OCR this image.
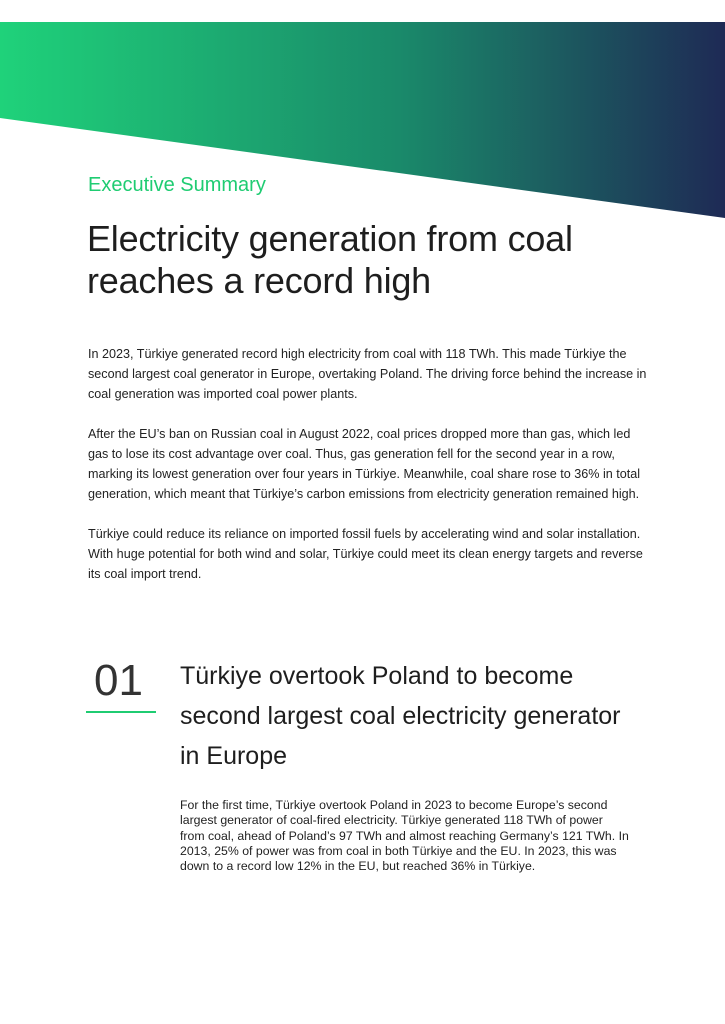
Executive Summary
Electricity generation from coal
reaches a record high

In 2023, Türkiye generated record high electricity from coal with 118 TWh. This made Türkiye the second largest coal generator in Europe, overtaking Poland. The driving force behind the increase in coal generation was imported coal power plants.

After the EU’s ban on Russian coal in August 2022, coal prices dropped more than gas, which led gas to lose its cost advantage over coal. Thus, gas generation fell for the second year in a row, marking its lowest generation over four years in Türkiye. Meanwhile, coal share rose to 36% in total generation, which meant that Türkiye’s carbon emissions from electricity generation remained high.

Türkiye could reduce its reliance on imported fossil fuels by accelerating wind and solar installation. With huge potential for both wind and solar, Türkiye could meet its clean energy targets and reverse its coal import trend.

01 Türkiye overtook Poland to become second largest coal electricity generator in Europe

For the first time, Türkiye overtook Poland in 2023 to become Europe’s second largest generator of coal-fired electricity. Türkiye generated 118 TWh of power from coal, ahead of Poland’s 97 TWh and almost reaching Germany’s 121 TWh. In 2013, 25% of power was from coal in both Türkiye and the EU. In 2023, this was down to a record low 12% in the EU, but reached 36% in Türkiye.
